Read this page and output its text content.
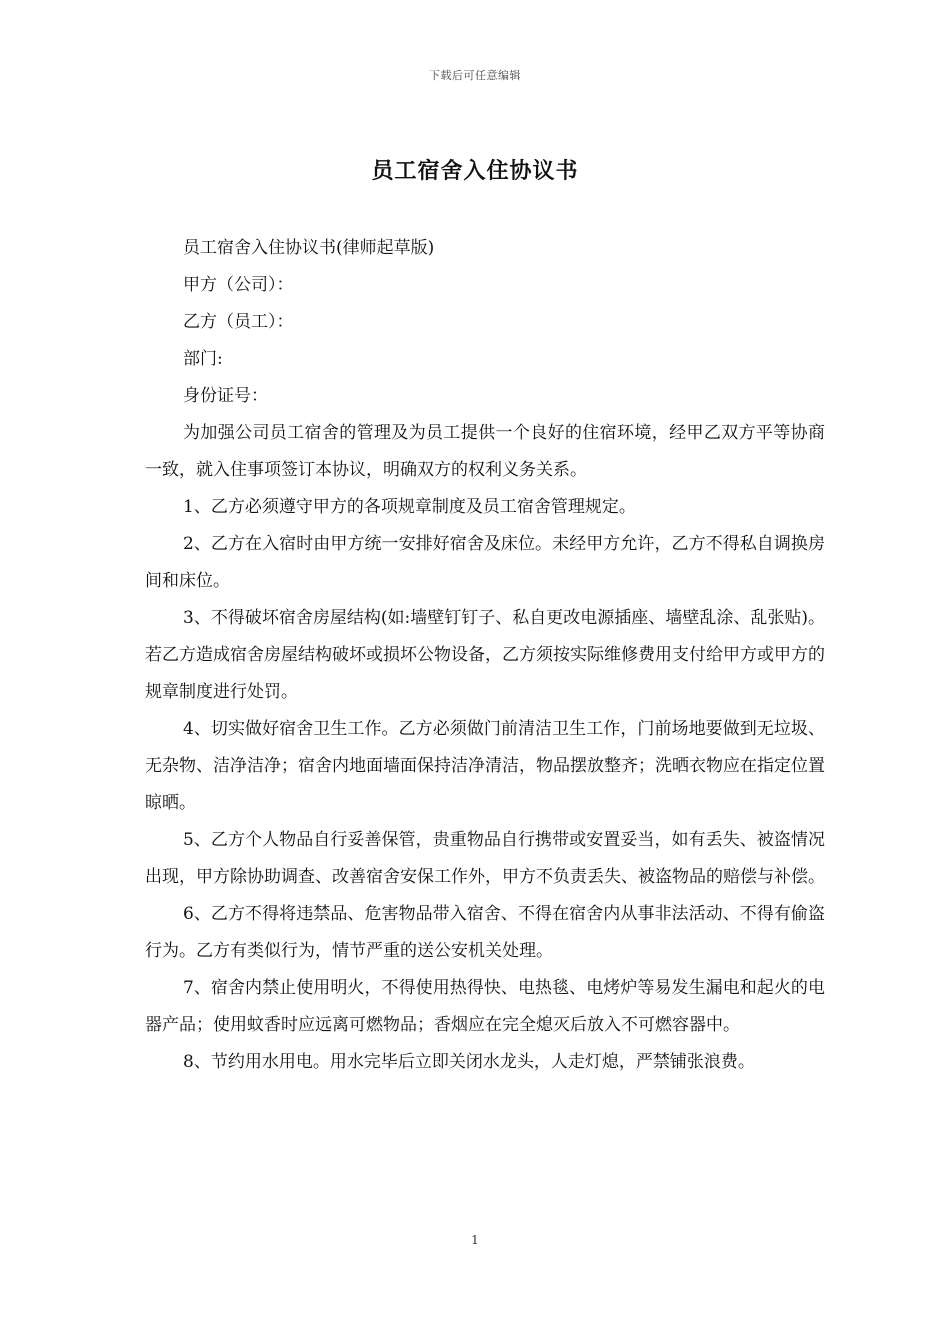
下载后可任意编辑
员工宿舍入住协议书

员工宿舍入住协议书(律师起草版)

甲方（公司）：

乙方（员工）：

部门:

身份证号：

为加强公司员工宿舍的管理及为员工提供一个良好的住宿环境，经甲乙双方平等协商一致，就入住事项签订本协议，明确双方的权利义务关系。

1、乙方必须遵守甲方的各项规章制度及员工宿舍管理规定。

2、乙方在入宿时由甲方统一安排好宿舍及床位。未经甲方允许，乙方不得私自调换房间和床位。

3、不得破坏宿舍房屋结构(如:墙壁钉钉子、私自更改电源插座、墙壁乱涂、乱张贴)。若乙方造成宿舍房屋结构破坏或损坏公物设备，乙方须按实际维修费用支付给甲方或甲方的规章制度进行处罚。

4、切实做好宿舍卫生工作。乙方必须做门前清洁卫生工作，门前场地要做到无垃圾、无杂物、洁净洁净；宿舍内地面墙面保持洁净清洁，物品摆放整齐；洗晒衣物应在指定位置晾晒。

5、乙方个人物品自行妥善保管，贵重物品自行携带或安置妥当，如有丢失、被盗情况出现，甲方除协助调查、改善宿舍安保工作外，甲方不负责丢失、被盗物品的赔偿与补偿。

6、乙方不得将违禁品、危害物品带入宿舍、不得在宿舍内从事非法活动、不得有偷盗行为。乙方有类似行为，情节严重的送公安机关处理。

7、宿舍内禁止使用明火，不得使用热得快、电热毯、电烤炉等易发生漏电和起火的电器产品；使用蚊香时应远离可燃物品；香烟应在完全熄灭后放入不可燃容器中。

8、节约用水用电。用水完毕后立即关闭水龙头，人走灯熄，严禁铺张浪费。

1
